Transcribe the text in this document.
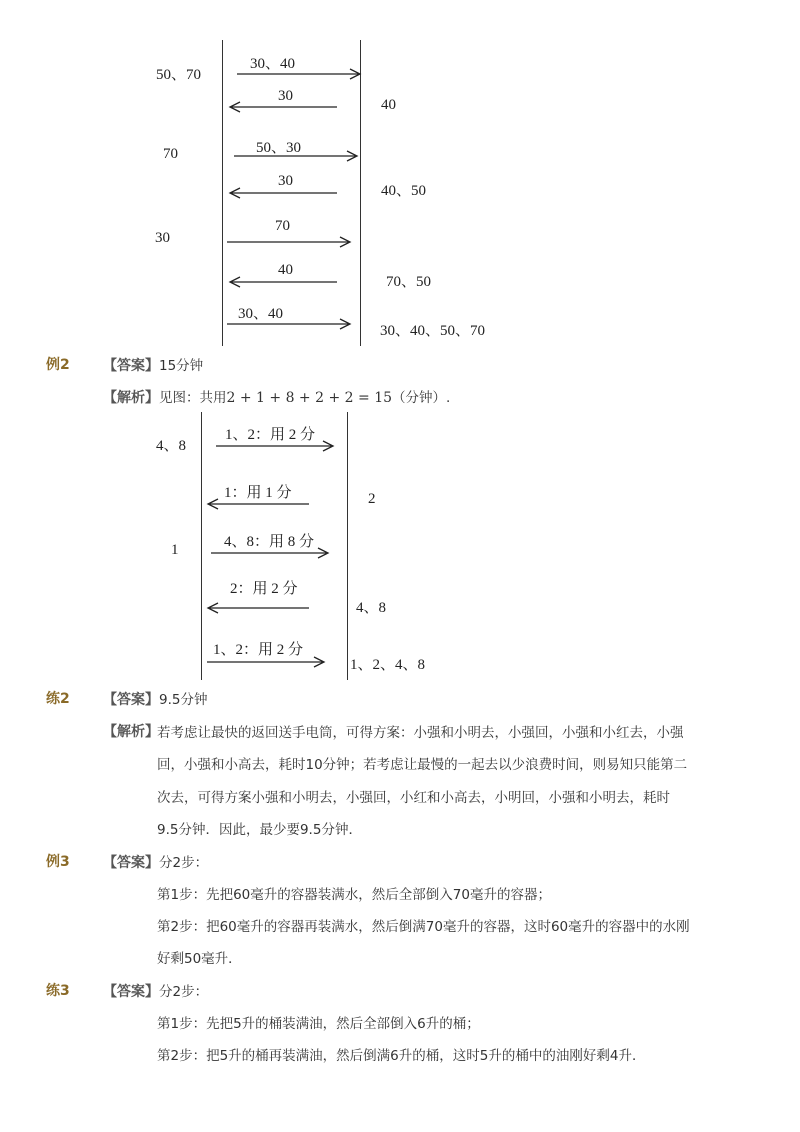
50、70
70
30
30、40
30
40
50、30
30
40、50
70
40
70、50
30、40
30、40、50、70
例2 【答案】15分钟
【解析】见图：共用2 + 1 + 8 + 2 + 2 = 15（分钟）.
4、8
1
1、2：用 2 分
1：用 1 分	2
4、8：用 8 分
2：用 2 分
4、8
1、2：用 2 分
1、2、4、8
练2 【答案】9.5分钟
【解析】
若考虑让最快的返回送手电筒，可得方案：小强和小明去，小强回，小强和小红去，小强
回，小强和小高去，耗时10分钟；若考虑让最慢的一起去以少浪费时间，则易知只能第二
次去，可得方案小强和小明去，小强回，小红和小高去，小明回，小强和小明去，耗时
9.5分钟．因此，最少要9.5分钟．
例3 【答案】分2步：
第1步：先把60毫升的容器装满水，然后全部倒入70毫升的容器；
第2步：把60毫升的容器再装满水，然后倒满70毫升的容器，这时60毫升的容器中的水刚
好剩50毫升．
练3 【答案】分2步：
第1步：先把5升的桶装满油，然后全部倒入6升的桶；
第2步：把5升的桶再装满油，然后倒满6升的桶，这时5升的桶中的油刚好剩4升．
